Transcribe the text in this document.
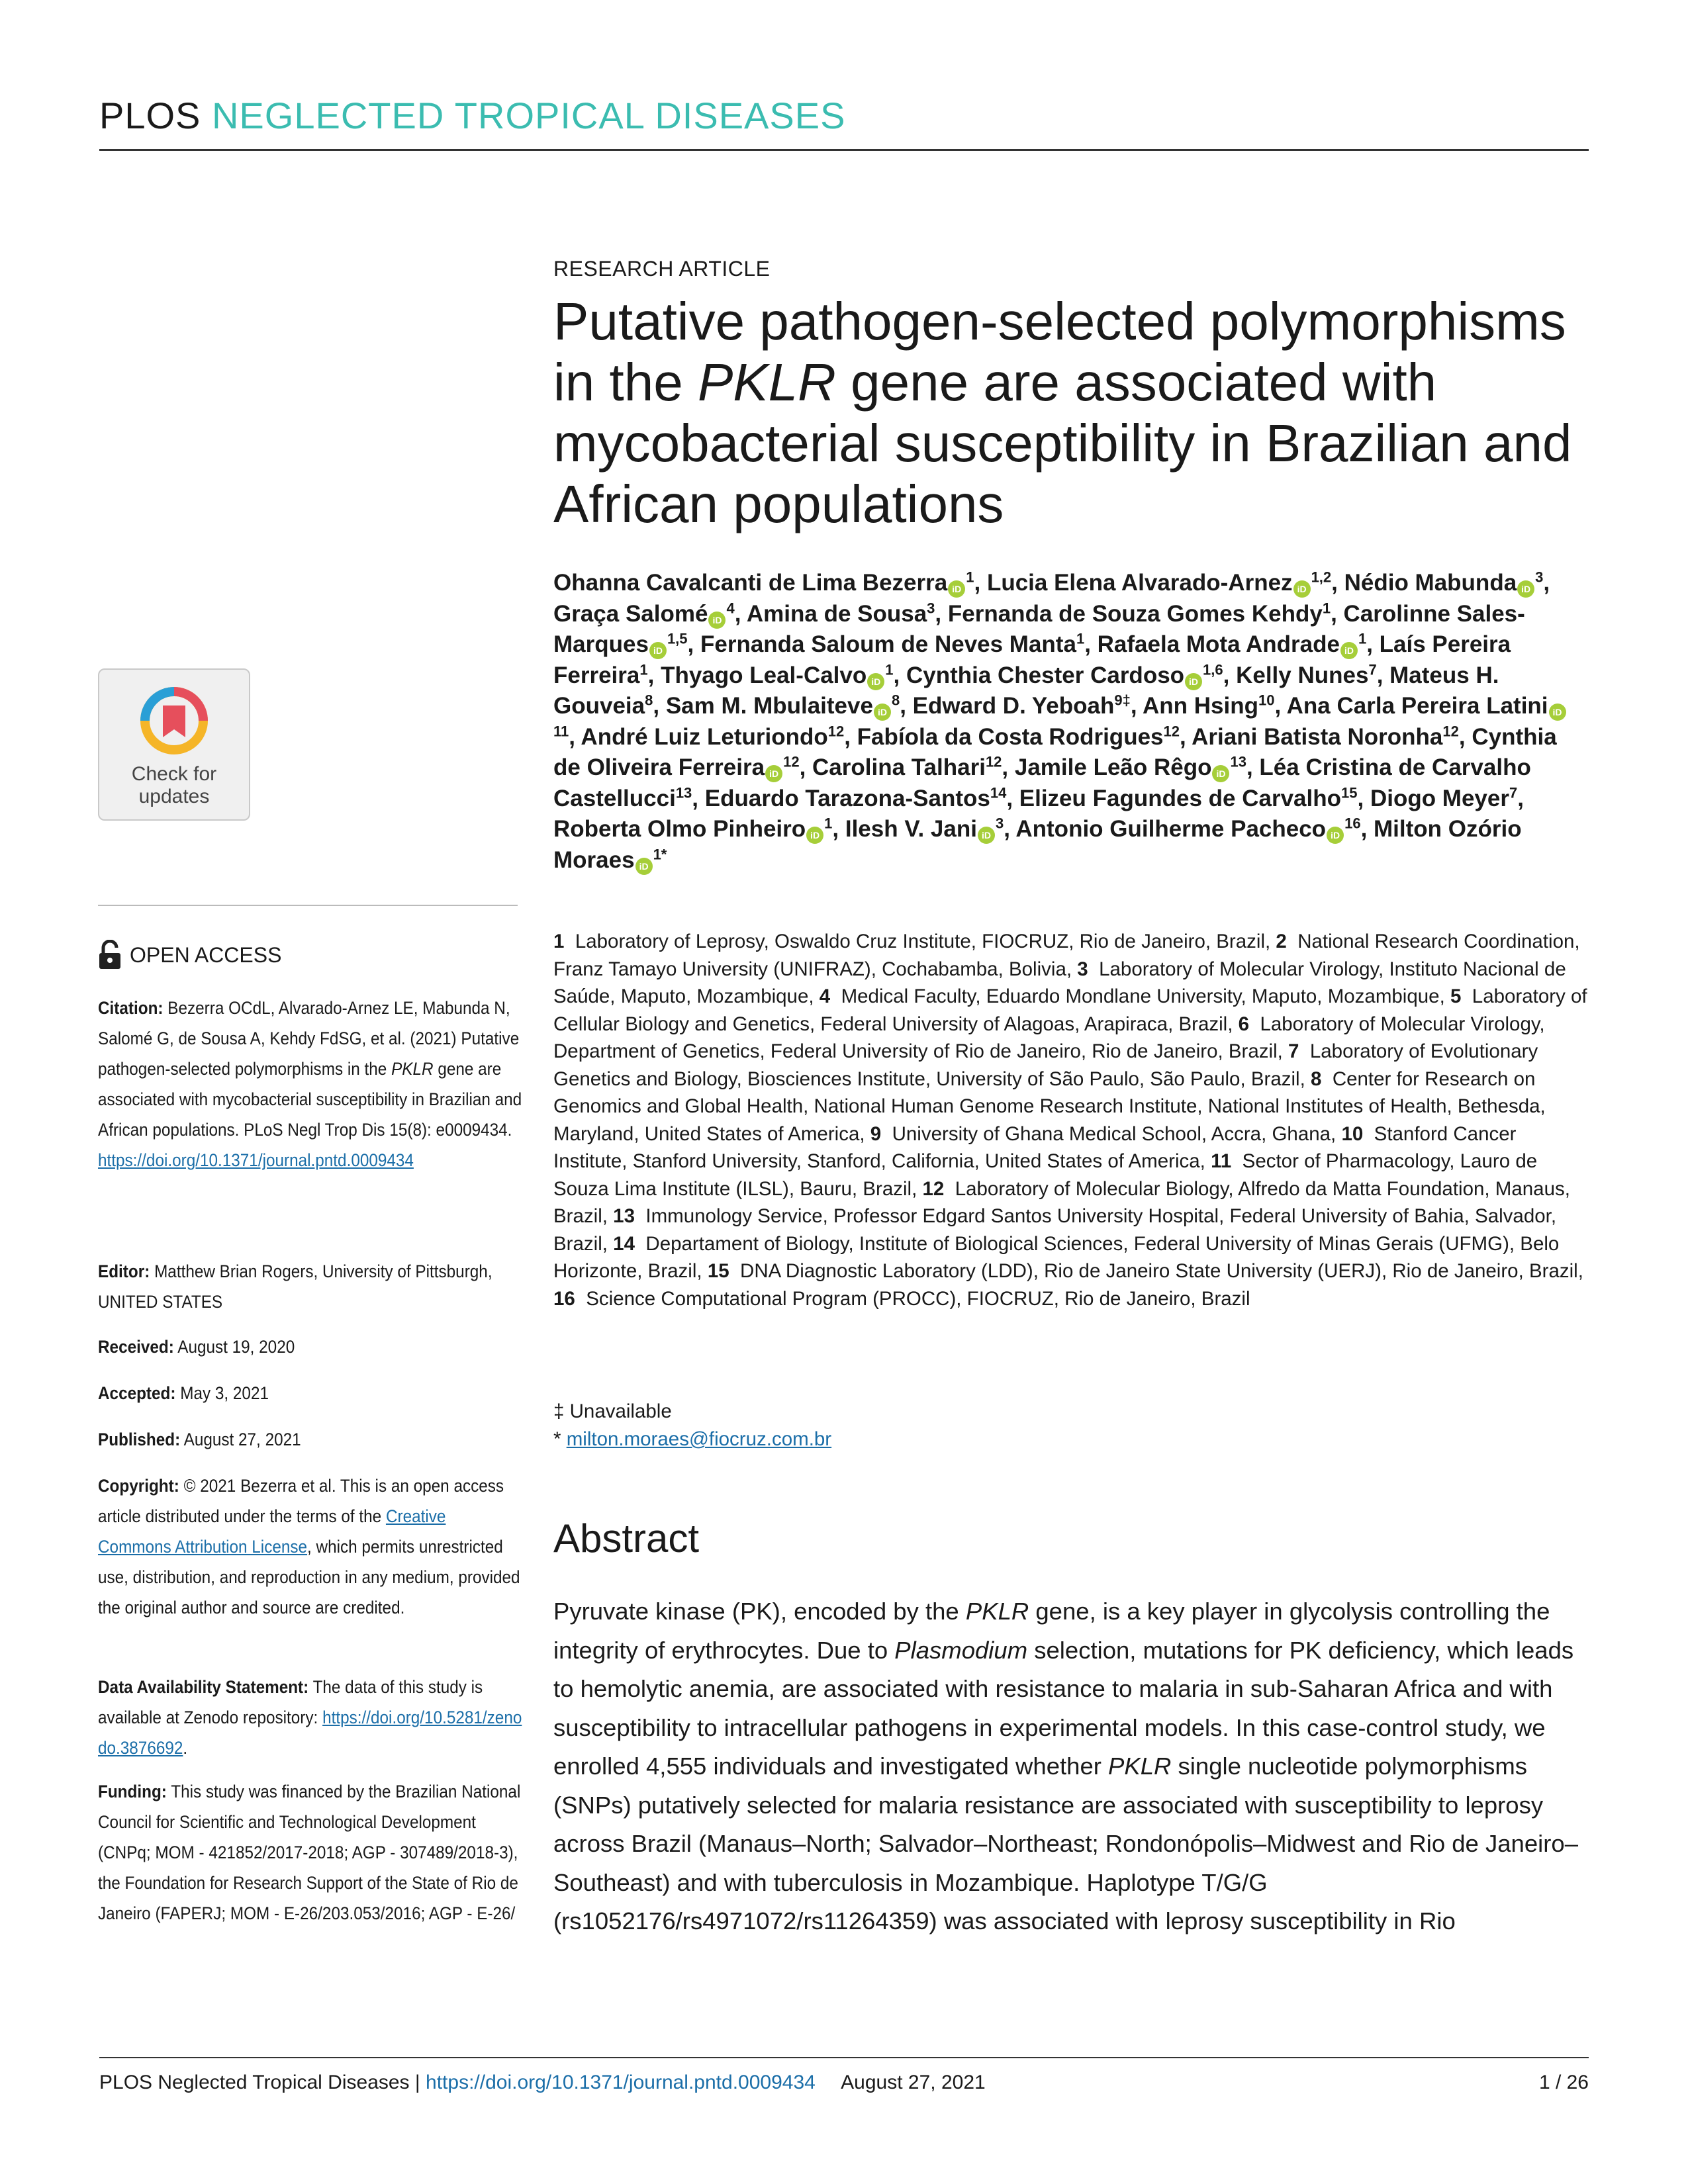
PLOS NEGLECTED TROPICAL DISEASES
Check for
updates
OPEN ACCESS
Citation: Bezerra OCdL, Alvarado-Arnez LE, Mabunda N, Salomé G, de Sousa A, Kehdy FdSG, et al. (2021) Putative pathogen-selected polymorphisms in the PKLR gene are associated with mycobacterial susceptibility in Brazilian and African populations. PLoS Negl Trop Dis 15(8): e0009434. https://doi.org/10.1371/journal.pntd.0009434
Editor: Matthew Brian Rogers, University of Pittsburgh, UNITED STATES
Received: August 19, 2020
Accepted: May 3, 2021
Published: August 27, 2021
Copyright: © 2021 Bezerra et al. This is an open access article distributed under the terms of the Creative Commons Attribution License, which permits unrestricted use, distribution, and reproduction in any medium, provided the original author and source are credited.
Data Availability Statement: The data of this study is available at Zenodo repository: https://doi.org/10.5281/zenodo.3876692.
Funding: This study was financed by the Brazilian National Council for Scientific and Technological Development (CNPq; MOM - 421852/2017-2018; AGP - 307489/2018-3), the Foundation for Research Support of the State of Rio de Janeiro (FAPERJ; MOM - E-26/203.053/2016; AGP - E-26/
RESEARCH ARTICLE
Putative pathogen-selected polymorphisms in the PKLR gene are associated with mycobacterial susceptibility in Brazilian and African populations
Ohanna Cavalcanti de Lima Bezerra $iD^1$, Lucia Elena Alvarado-Arnez iD$^{1,2}$, Nédio Mabunda $iD^3$, Graça Salomé $iD^4$, Amina de Sousa$^3$, Fernanda de Souza Gomes Kehdy$^1$, Carolinne Sales-Marques iD$^{1,5}$, Fernanda Saloum de Neves Manta$^1$, Rafaela Mota Andrade $iD^1$, Laís Pereira Ferreira$^1$, Thyago Leal-Calvo $iD^1$, Cynthia Chester Cardoso iD$^{1,6}$, Kelly Nunes$^7$, Mateus H. Gouveia$^8$, Sam M. Mbulaiteve $iD^8$, Edward D. Yeboah$^{9\ddagger}$, Ann Hsing$^{10}$, Ana Carla Pereira Latini $iD^{11}$, André Luiz Leturiondo$^{12}$, Fabíola da Costa Rodrigues$^{12}$, Ariani Batista Noronha$^{12}$, Cynthia de Oliveira Ferreira $iD^{12}$, Carolina Talhari$^{12}$, Jamile Leão Rêgo $iD^{13}$, Léa Cristina de Carvalho Castellucci$^{13}$, Eduardo Tarazona-Santos$^{14}$, Elizeu Fagundes de Carvalho$^{15}$, Diogo Meyer$^7$, Roberta Olmo Pinheiro $iD^1$, Ilesh V. Jani $iD^3$, Antonio Guilherme Pacheco $iD^{16}$, Milton Ozório Moraes $iD^{1*}$
1  Laboratory of Leprosy, Oswaldo Cruz Institute, FIOCRUZ, Rio de Janeiro, Brazil, 2  National Research Coordination, Franz Tamayo University (UNIFRAZ), Cochabamba, Bolivia, 3  Laboratory of Molecular Virology, Instituto Nacional de Saúde, Maputo, Mozambique, 4  Medical Faculty, Eduardo Mondlane University, Maputo, Mozambique, 5  Laboratory of Cellular Biology and Genetics, Federal University of Alagoas, Arapiraca, Brazil, 6  Laboratory of Molecular Virology, Department of Genetics, Federal University of Rio de Janeiro, Rio de Janeiro, Brazil, 7  Laboratory of Evolutionary Genetics and Biology, Biosciences Institute, University of São Paulo, São Paulo, Brazil, 8  Center for Research on Genomics and Global Health, National Human Genome Research Institute, National Institutes of Health, Bethesda, Maryland, United States of America, 9  University of Ghana Medical School, Accra, Ghana, 10  Stanford Cancer Institute, Stanford University, Stanford, California, United States of America, 11  Sector of Pharmacology, Lauro de Souza Lima Institute (ILSL), Bauru, Brazil, 12  Laboratory of Molecular Biology, Alfredo da Matta Foundation, Manaus, Brazil, 13  Immunology Service, Professor Edgard Santos University Hospital, Federal University of Bahia, Salvador, Brazil, 14  Departament of Biology, Institute of Biological Sciences, Federal University of Minas Gerais (UFMG), Belo Horizonte, Brazil, 15  DNA Diagnostic Laboratory (LDD), Rio de Janeiro State University (UERJ), Rio de Janeiro, Brazil, 16  Science Computational Program (PROCC), FIOCRUZ, Rio de Janeiro, Brazil
‡ Unavailable
* milton.moraes@fiocruz.com.br
Abstract
Pyruvate kinase (PK), encoded by the PKLR gene, is a key player in glycolysis controlling the integrity of erythrocytes. Due to Plasmodium selection, mutations for PK deficiency, which leads to hemolytic anemia, are associated with resistance to malaria in sub-Saharan Africa and with susceptibility to intracellular pathogens in experimental models. In this case-control study, we enrolled 4,555 individuals and investigated whether PKLR single nucleotide polymorphisms (SNPs) putatively selected for malaria resistance are associated with susceptibility to leprosy across Brazil (Manaus–North; Salvador–Northeast; Rondonópolis–Midwest and Rio de Janeiro–Southeast) and with tuberculosis in Mozambique. Haplotype T/G/G (rs1052176/rs4971072/rs11264359) was associated with leprosy susceptibility in Rio
PLOS Neglected Tropical Diseases | https://doi.org/10.1371/journal.pntd.0009434 August 27, 2021	1 / 26
